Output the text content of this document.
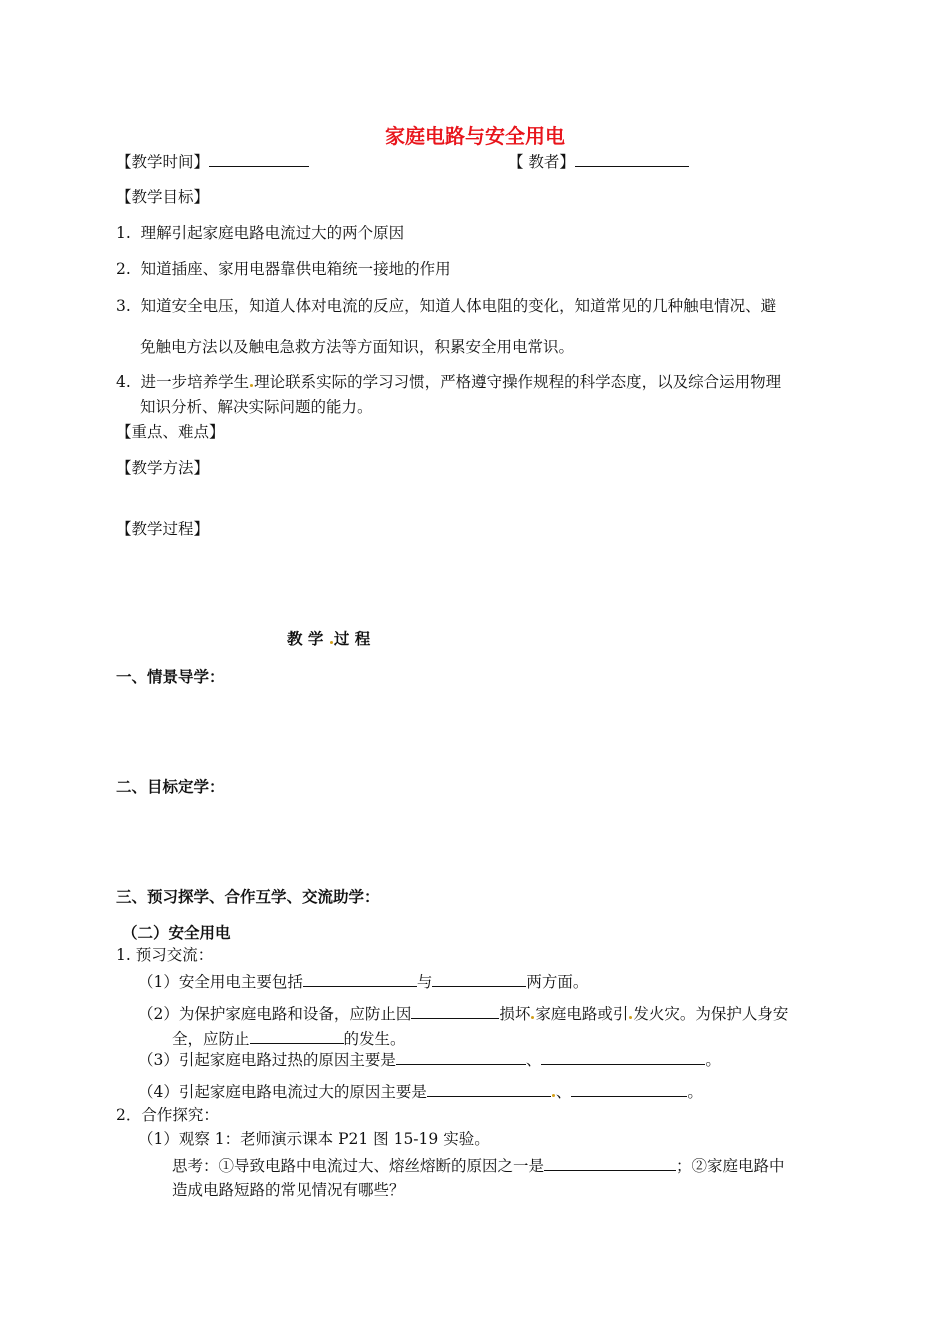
家庭电路与安全用电
【教学时间】	【 教者】
【教学目标】
1. 理解引起家庭电路电流过大的两个原因
2. 知道插座、家用电器靠供电箱统一接地的作用
3. 知道安全电压，知道人体对电流的反应，知道人体电阻的变化，知道常见的几种触电情况、避
免触电方法以及触电急救方法等方面知识，积累安全用电常识。
4. 进一步培养学生 理论联系实际的学习习惯，严格遵守操作规程的科学态度，以及综合运用物理
知识分析、解决实际问题的能力。
【重点、难点】
【教学方法】
【教学过程】
教 学 过 程
一、情景导学：
二、目标定学：
三、预习探学、合作互学、交流助学：
（二）安全用电
1. 预习交流：
（1）安全用电主要包括	与	两方面。
（2）为保护家庭电路和设备，应防止因	损坏 家庭电路或引 发火灾。为保护人身安
全，应防止	的发生。
（3）引起家庭电路过热的原因主要是	、	。
（4）引起家庭电路电流过大的原因主要是	、	。
2．合作探究：
（1）观察 1：老师演示课本 P21 图 15-19 实验。
思考：①导致电路中电流过大、熔丝熔断的原因之一是	；②家庭电路中
造成电路短路的常见情况有哪些？
